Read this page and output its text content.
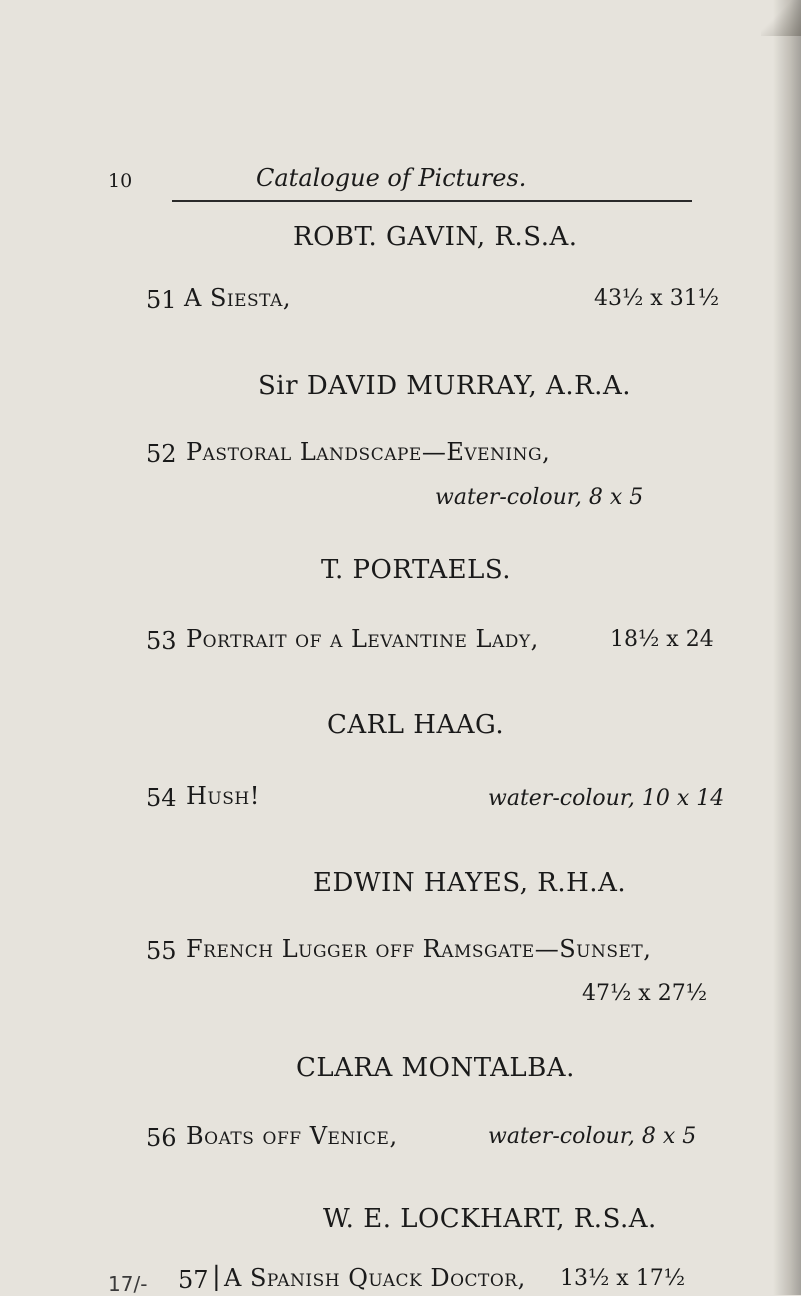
10	Catalogue of Pictures.
ROBT. GAVIN, R.S.A.
51 A Siesta,	43½ x 31½
Sir DAVID MURRAY, A.R.A.
52 Pastoral Landscape—Evening,
water-colour, 8 x 5
T. PORTAELS.
53 Portrait of a Levantine Lady,	18½ x 24
CARL HAAG.
54 Hush!	water-colour, 10 x 14
EDWIN HAYES, R.H.A.
55 French Lugger off Ramsgate—Sunset,
47½ x 27½
CLARA MONTALBA.
56 Boats off Venice,	water-colour, 8 x 5
W. E. LOCKHART, R.S.A.
17/- 57 | A Spanish Quack Doctor, 13½ x 17½
